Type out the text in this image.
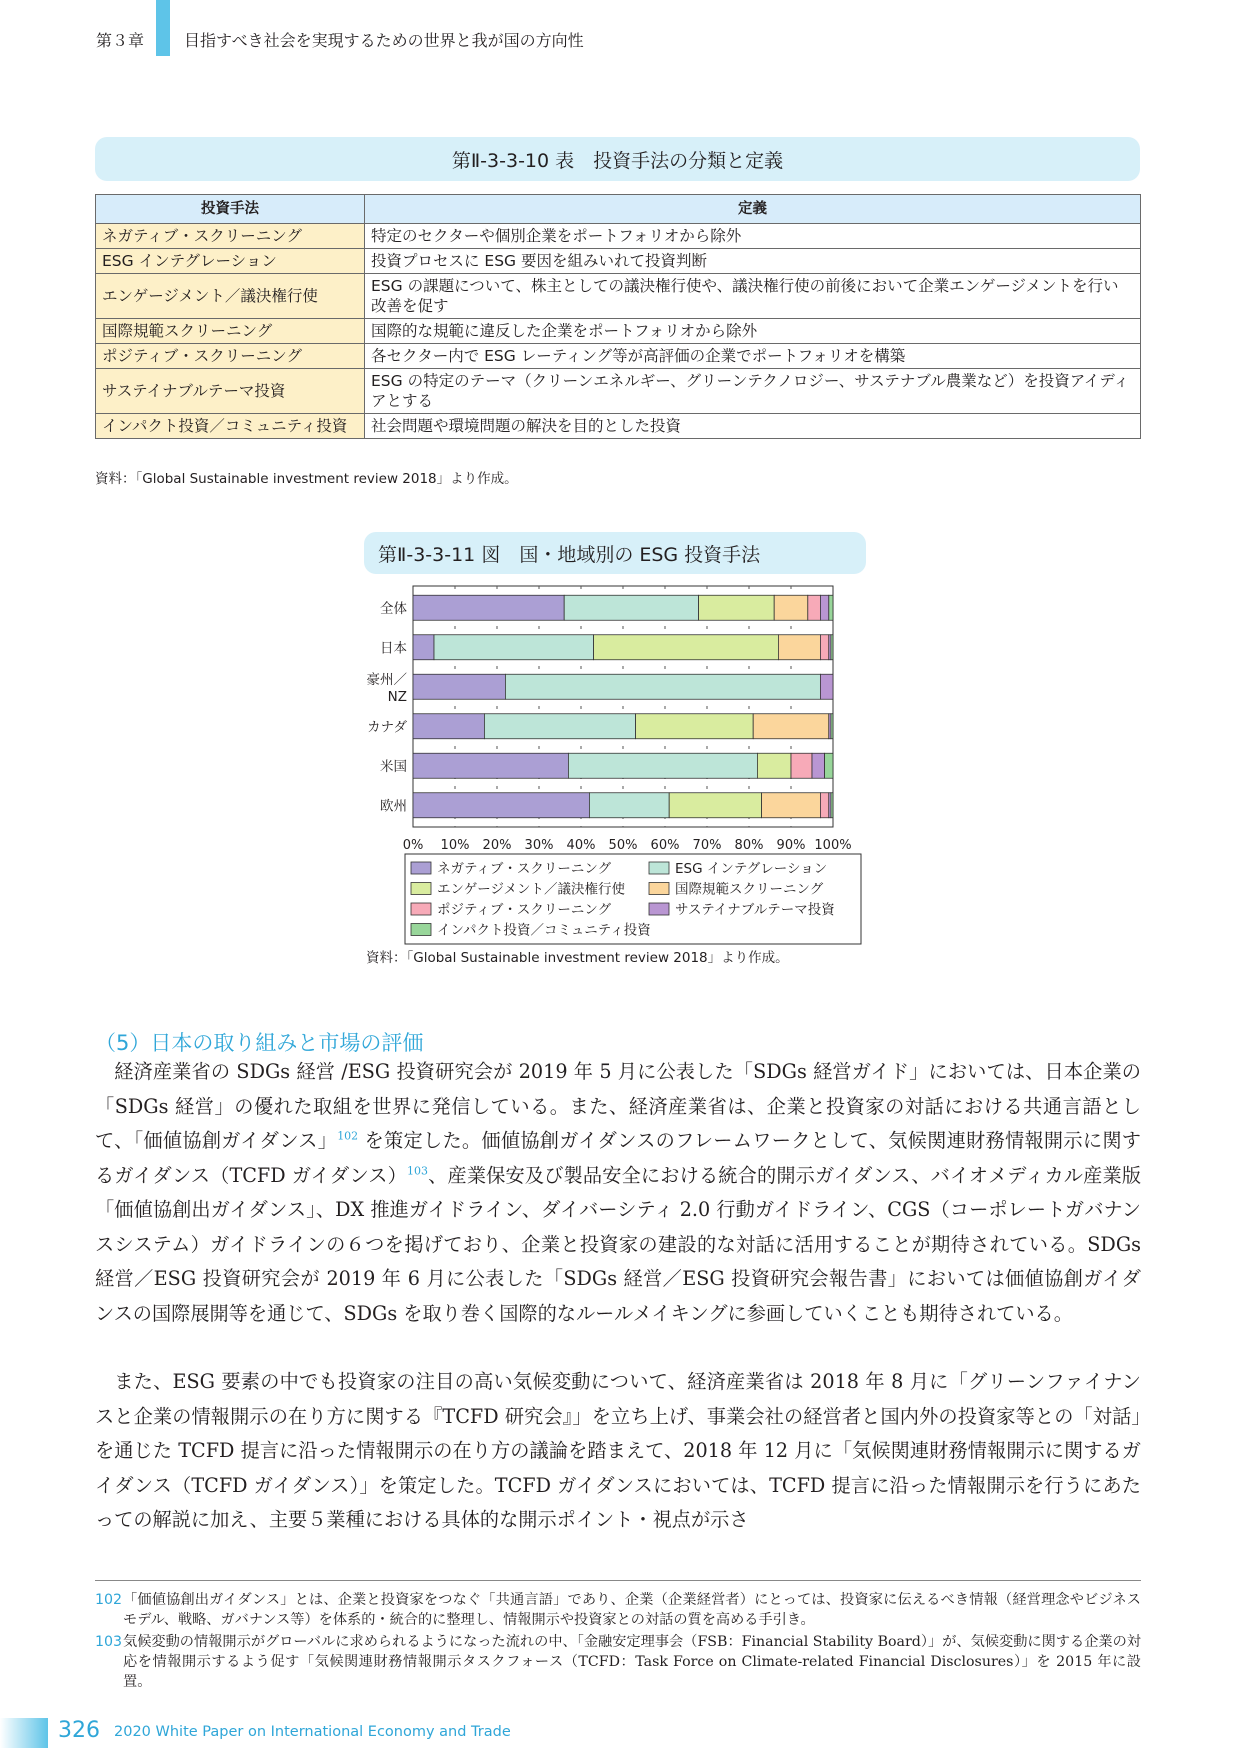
第３章 目指すべき社会を実現するための世界と我が国の方向性
第Ⅱ-3-3-10 表　投資手法の分類と定義
投資手法	定義
ネガティブ・スクリーニング	特定のセクターや個別企業をポートフォリオから除外
ESG インテグレーション	投資プロセスに ESG 要因を組みいれて投資判断
エンゲージメント／議決権行使	ESG の課題について、株主としての議決権行使や、議決権行使の前後において企業エンゲージメントを行い改善を促す
国際規範スクリーニング	国際的な規範に違反した企業をポートフォリオから除外
ポジティブ・スクリーニング	各セクター内で ESG レーティング等が高評価の企業でポートフォリオを構築
サステイナブルテーマ投資	ESG の特定のテーマ（クリーンエネルギー、グリーンテクノロジー、サステナブル農業など）を投資アイディアとする
インパクト投資／コミュニティ投資	社会問題や環境問題の解決を目的とした投資
資料：「Global Sustainable investment review 2018」より作成。
第Ⅱ-3-3-11 図　国・地域別の ESG 投資手法
0% 10% 20% 30% 40% 50% 60% 70% 80% 90% 100%
全体
日本
豪州／
NZ
カナダ
米国
欧州
ネガティブ・スクリーニング	ESG インテグレーション
エンゲージメント／議決権行使	国際規範スクリーニング
ポジティブ・スクリーニング	サステイナブルテーマ投資
インパクト投資／コミュニティ投資
資料：「Global Sustainable investment review 2018」より作成。
（5）日本の取り組みと市場の評価

経済産業省の SDGs 経営 /ESG 投資研究会が 2019 年 5 月に公表した「SDGs 経営ガイド」においては、日本企業の「SDGs 経営」の優れた取組を世界に発信している。また、経済産業省は、企業と投資家の対話における共通言語として、「価値協創ガイダンス」$^{102}$ を策定した。価値協創ガイダンスのフレームワークとして、気候関連財務情報開示に関するガイダンス（TCFD ガイダンス）$^{103}$、産業保安及び製品安全における統合的開示ガイダンス、バイオメディカル産業版「価値協創出ガイダンス」、DX 推進ガイドライン、ダイバーシティ 2.0 行動ガイドライン、CGS（コーポレートガバナンスシステム）ガイドラインの６つを掲げており、企業と投資家の建設的な対話に活用することが期待されている。SDGs 経営／ESG 投資研究会が 2019 年 6 月に公表した「SDGs 経営／ESG 投資研究会報告書」においては価値協創ガイダンスの国際展開等を通じて、SDGs を取り巻く国際的なルールメイキングに参画していくことも期待されている。

また、ESG 要素の中でも投資家の注目の高い気候変動について、経済産業省は 2018 年 8 月に「グリーンファイナンスと企業の情報開示の在り方に関する『TCFD 研究会』」を立ち上げ、事業会社の経営者と国内外の投資家等との「対話」を通じた TCFD 提言に沿った情報開示の在り方の議論を踏まえて、2018 年 12 月に「気候関連財務情報開示に関するガイダンス（TCFD ガイダンス）」を策定した。TCFD ガイダンスにおいては、TCFD 提言に沿った情報開示を行うにあたっての解説に加え、主要５業種における具体的な開示ポイント・視点が示さ

102 「価値協創出ガイダンス」とは、企業と投資家をつなぐ「共通言語」であり、企業（企業経営者）にとっては、投資家に伝えるべき情報（経営理念やビジネスモデル、戦略、ガバナンス等）を体系的・統合的に整理し、情報開示や投資家との対話の質を高める手引き。
103 気候変動の情報開示がグローバルに求められるようになった流れの中、「金融安定理事会（FSB：Financial Stability Board）」が、気候変動に関する企業の対応を情報開示するよう促す「気候関連財務情報開示タスクフォース（TCFD：Task Force on Climate-related Financial Disclosures）」を 2015 年に設置。
326 2020 White Paper on International Economy and Trade
